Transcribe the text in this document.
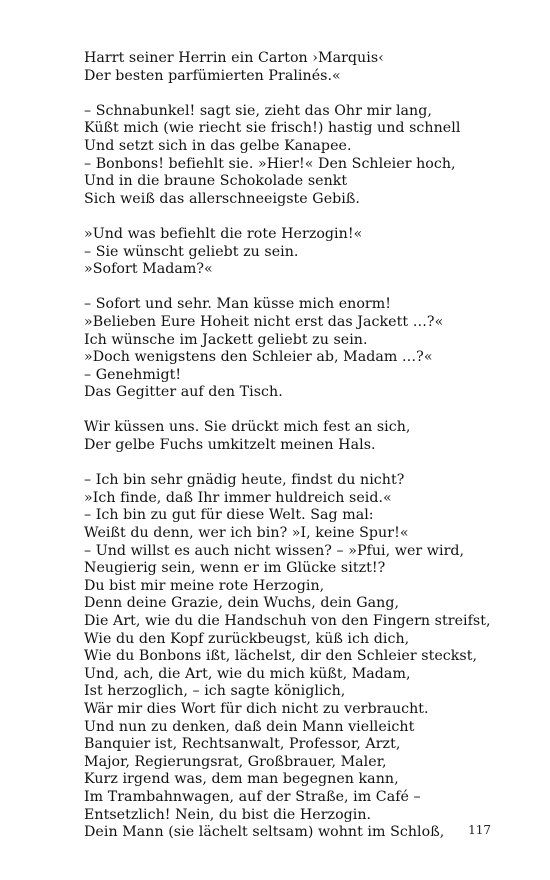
Harrt seiner Herrin ein Carton ›Marquis‹
Der besten parfümierten Pralinés.«
– Schnabunkel! sagt sie, zieht das Ohr mir lang,
Küßt mich (wie riecht sie frisch!) hastig und schnell
Und setzt sich in das gelbe Kanapee.
– Bonbons! befiehlt sie. »Hier!« Den Schleier hoch,
Und in die braune Schokolade senkt
Sich weiß das allerschneeigste Gebiß.
»Und was befiehlt die rote Herzogin!«
– Sie wünscht geliebt zu sein.
»Sofort Madam?«
– Sofort und sehr. Man küsse mich enorm!
»Belieben Eure Hoheit nicht erst das Jackett …?«
Ich wünsche im Jackett geliebt zu sein.
»Doch wenigstens den Schleier ab, Madam …?«
– Genehmigt!
Das Gegitter auf den Tisch.
Wir küssen uns. Sie drückt mich fest an sich,
Der gelbe Fuchs umkitzelt meinen Hals.
– Ich bin sehr gnädig heute, findst du nicht?
»Ich finde, daß Ihr immer huldreich seid.«
– Ich bin zu gut für diese Welt. Sag mal:
Weißt du denn, wer ich bin? »I, keine Spur!«
– Und willst es auch nicht wissen? – »Pfui, wer wird,
Neugierig sein, wenn er im Glücke sitzt!?
Du bist mir meine rote Herzogin,
Denn deine Grazie, dein Wuchs, dein Gang,
Die Art, wie du die Handschuh von den Fingern streifst,
Wie du den Kopf zurückbeugst, küß ich dich,
Wie du Bonbons ißt, lächelst, dir den Schleier steckst,
Und, ach, die Art, wie du mich küßt, Madam,
Ist herzoglich, – ich sagte königlich,
Wär mir dies Wort für dich nicht zu verbraucht.
Und nun zu denken, daß dein Mann vielleicht
Banquier ist, Rechtsanwalt, Professor, Arzt,
Major, Regierungsrat, Großbrauer, Maler,
Kurz irgend was, dem man begegnen kann,
Im Trambahnwagen, auf der Straße, im Café –
Entsetzlich! Nein, du bist die Herzogin.
Dein Mann (sie lächelt seltsam) wohnt im Schloß,	117
